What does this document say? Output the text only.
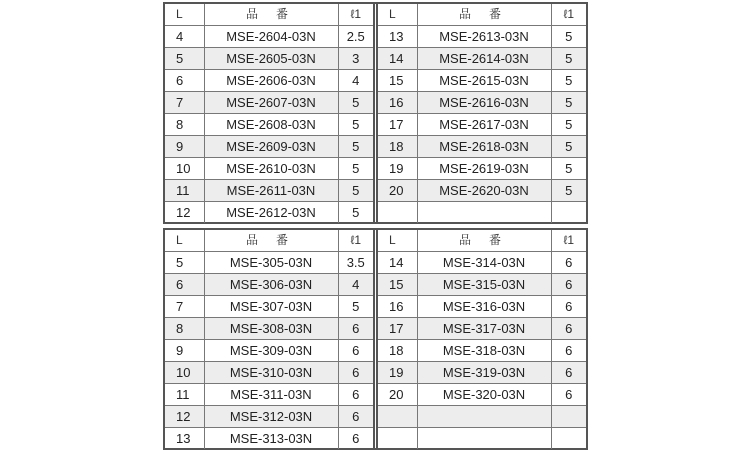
L	品番	ℓ1
4	MSE-2604-03N	2.5
5	MSE-2605-03N	3
6	MSE-2606-03N	4
7	MSE-2607-03N	5
8	MSE-2608-03N	5
9	MSE-2609-03N	5
10	MSE-2610-03N	5
11	MSE-2611-03N	5
12	MSE-2612-03N	5
L	品番	ℓ1
13	MSE-2613-03N	5
14	MSE-2614-03N	5
15	MSE-2615-03N	5
16	MSE-2616-03N	5
17	MSE-2617-03N	5
18	MSE-2618-03N	5
19	MSE-2619-03N	5
20	MSE-2620-03N	5

L	品番	ℓ1
5	MSE-305-03N	3.5
6	MSE-306-03N	4
7	MSE-307-03N	5
8	MSE-308-03N	6
9	MSE-309-03N	6
10	MSE-310-03N	6
11	MSE-311-03N	6
12	MSE-312-03N	6
13	MSE-313-03N	6
L	品番	ℓ1
14	MSE-314-03N	6
15	MSE-315-03N	6
16	MSE-316-03N	6
17	MSE-317-03N	6
18	MSE-318-03N	6
19	MSE-319-03N	6
20	MSE-320-03N	6
